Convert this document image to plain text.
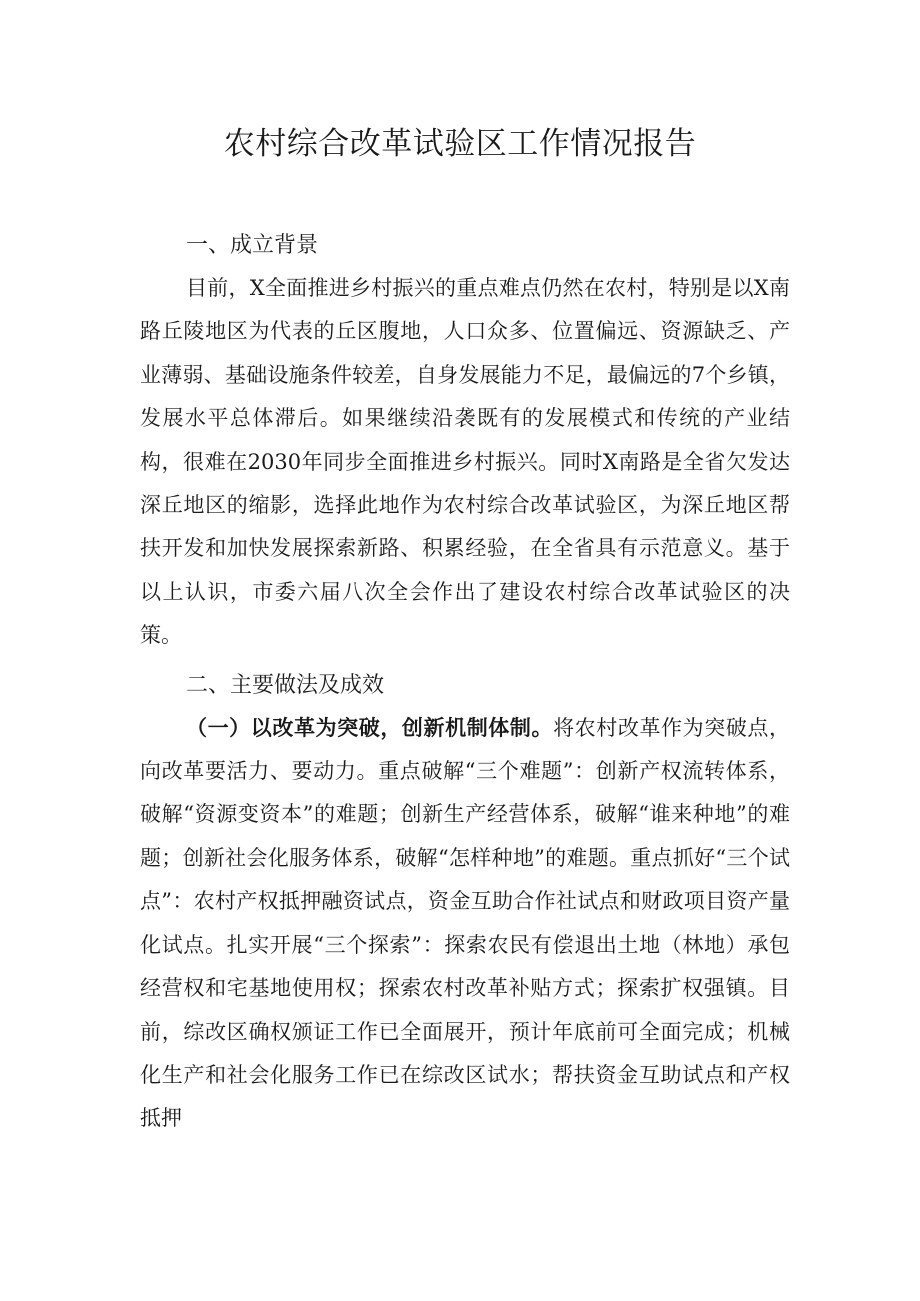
农村综合改革试验区工作情况报告
一、成立背景

目前，X全面推进乡村振兴的重点难点仍然在农村，特别是以X南路丘陵地区为代表的丘区腹地，人口众多、位置偏远、资源缺乏、产业薄弱、基础设施条件较差，自身发展能力不足，最偏远的7个乡镇，发展水平总体滞后。如果继续沿袭既有的发展模式和传统的产业结构，很难在2030年同步全面推进乡村振兴。同时X南路是全省欠发达深丘地区的缩影，选择此地作为农村综合改革试验区，为深丘地区帮扶开发和加快发展探索新路、积累经验，在全省具有示范意义。基于以上认识，市委六届八次全会作出了建设农村综合改革试验区的决策。

二、主要做法及成效

（一）以改革为突破，创新机制体制。将农村改革作为突破点，向改革要活力、要动力。重点破解“三个难题”：创新产权流转体系，破解“资源变资本”的难题；创新生产经营体系，破解“谁来种地”的难题；创新社会化服务体系，破解“怎样种地”的难题。重点抓好“三个试点”：农村产权抵押融资试点，资金互助合作社试点和财政项目资产量化试点。扎实开展“三个探索”：探索农民有偿退出土地（林地）承包经营权和宅基地使用权；探索农村改革补贴方式；探索扩权强镇。目前，综改区确权颁证工作已全面展开，预计年底前可全面完成；机械化生产和社会化服务工作已在综改区试水；帮扶资金互助试点和产权抵押
